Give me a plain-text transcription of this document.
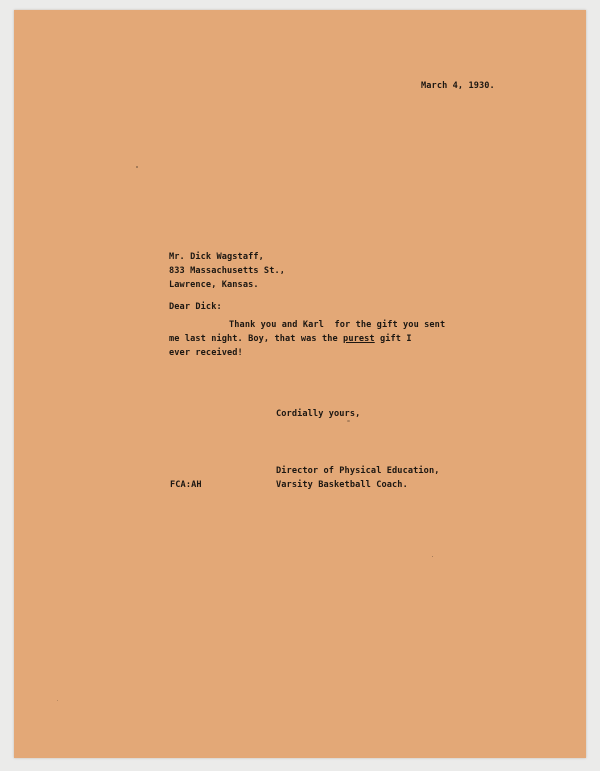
March 4, 1930.
Mr. Dick Wagstaff,
833 Massachusetts St.,
Lawrence, Kansas.
Dear Dick:
Thank you and Karl  for the gift you sent
me last night. Boy, that was the purest gift I
ever received!
Cordially yours,
Director of Physical Education,
Varsity Basketball Coach.
FCA:AH
